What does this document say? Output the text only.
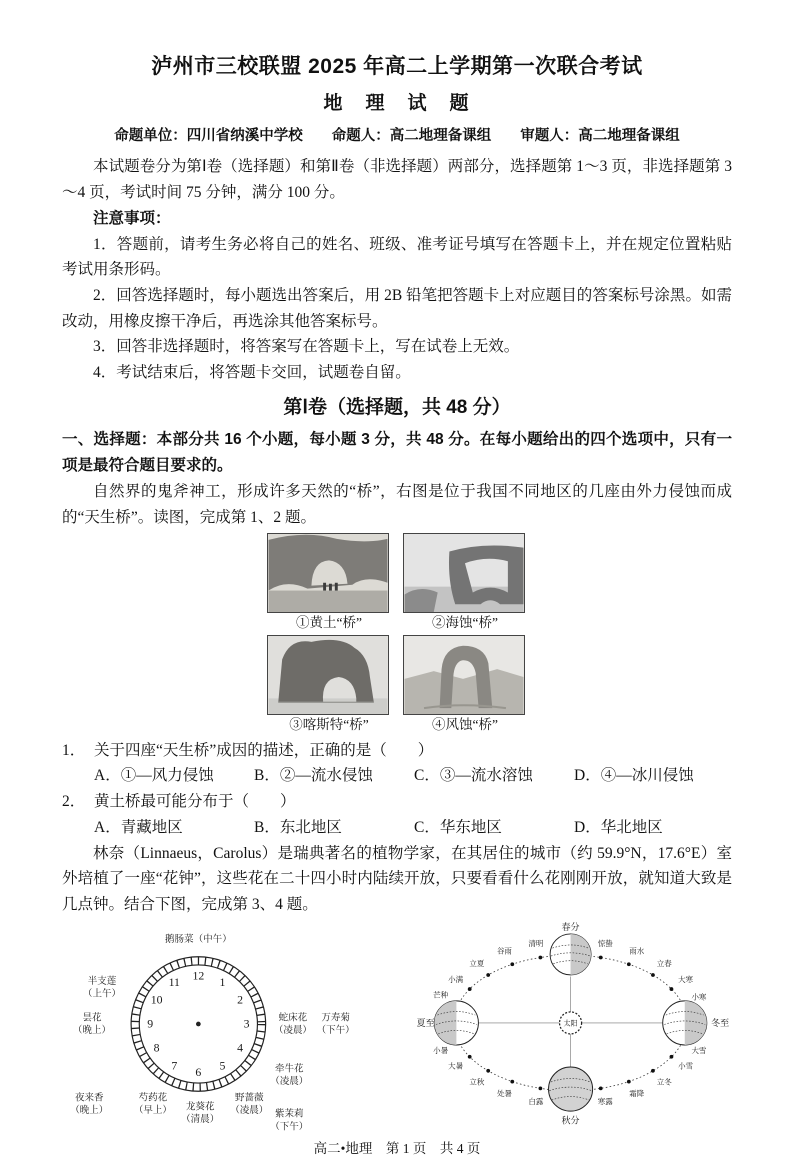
泸州市三校联盟 2025 年高二上学期第一次联合考试
地　理　试　题
命题单位：四川省纳溪中学校　　命题人：高二地理备课组　　审题人：高二地理备课组

本试题卷分为第Ⅰ卷（选择题）和第Ⅱ卷（非选择题）两部分，选择题第 1～3 页，非选择题第 3～4 页，考试时间 75 分钟，满分 100 分。

注意事项：

1．答题前，请考生务必将自己的姓名、班级、准考证号填写在答题卡上，并在规定位置粘贴考试用条形码。

2．回答选择题时，每小题选出答案后，用 2B 铅笔把答题卡上对应题目的答案标号涂黑。如需改动，用橡皮擦干净后，再选涂其他答案标号。

3．回答非选择题时，将答案写在答题卡上，写在试卷上无效。

4．考试结束后，将答题卡交回，试题卷自留。

第Ⅰ卷（选择题，共 48 分）

一、选择题：本部分共 16 个小题，每小题 3 分，共 48 分。在每小题给出的四个选项中，只有一项是最符合题目要求的。

自然界的鬼斧神工，形成许多天然的“桥”，右图是位于我国不同地区的几座由外力侵蚀而成的“天生桥”。读图，完成第 1、2 题。

①黄土“桥”	②海蚀“桥”
③喀斯特“桥”	④风蚀“桥”
1． 关于四座“天生桥”成因的描述，正确的是（　　）
A．①—风力侵蚀	B．②—流水侵蚀	C．③—流水溶蚀	D．④—冰川侵蚀
2． 黄土桥最可能分布于（　　）
A．青藏地区	B．东北地区	C．华东地区	D．华北地区

林奈（Linnaeus，Carolus）是瑞典著名的植物学家，在其居住的城市（约 59.9°N，17.6°E）室外培植了一座“花钟”，这些花在二十四小时内陆续开放，只要看看什么花刚刚开放，就知道大致是几点钟。结合下图，完成第 3、4 题。

12 1
2
3
4
5
6
7
8
9
10
11
鹅肠菜（中午）
半支莲（上午）
昙花（晚上）
夜来香（晚上）
芍药花（早上）	龙葵花（清晨）
野蔷薇（凌晨）
牵牛花（凌晨）
蛇床花（凌晨）
万寿菊（下午）
紫茉莉（下午）
太阳
清明
谷雨
立夏
小满
芒种
小暑
大暑
立秋
处暑
白露	寒露
霜降
立冬
小雪
大雪
小寒
大寒
立春
雨水
惊蛰
春分
秋分
夏至	冬至
高二•地理　第 1 页　共 4 页
